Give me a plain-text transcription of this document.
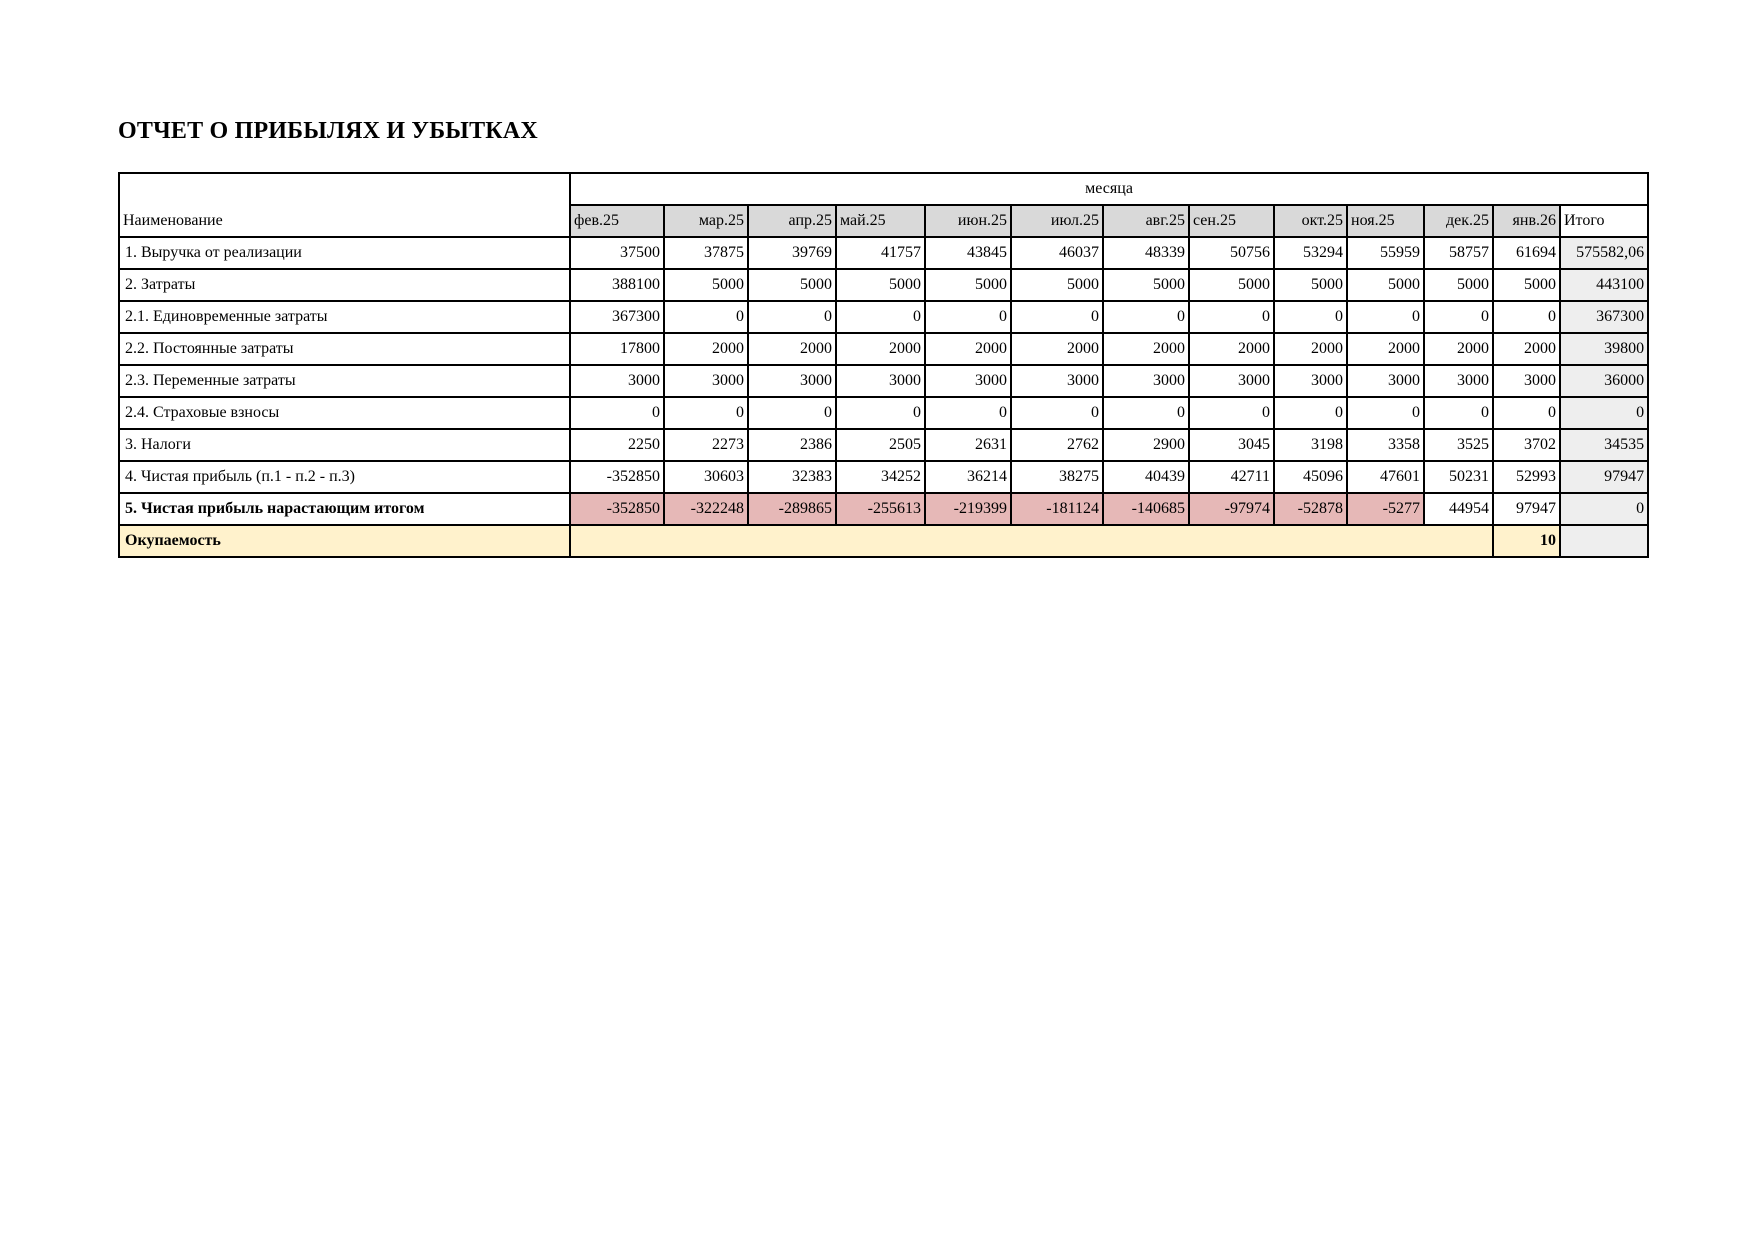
ОТЧЕТ О ПРИБЫЛЯХ И УБЫТКАХ
Наименование	месяца												
	фев.25	мар.25	апр.25	май.25	июн.25	июл.25	авг.25	сен.25	окт.25	ноя.25	дек.25	янв.26	Итого
1. Выручка от реализации	37500	37875	39769	41757	43845	46037	48339	50756	53294	55959	58757	61694	575582,06
2. Затраты	388100	5000	5000	5000	5000	5000	5000	5000	5000	5000	5000	5000	443100
2.1. Единовременные затраты	367300	0	0	0	0	0	0	0	0	0	0	0	367300
2.2. Постоянные затраты	17800	2000	2000	2000	2000	2000	2000	2000	2000	2000	2000	2000	39800
2.3. Переменные затраты	3000	3000	3000	3000	3000	3000	3000	3000	3000	3000	3000	3000	36000
2.4. Страховые взносы	0	0	0	0	0	0	0	0	0	0	0	0	0
3. Налоги	2250	2273	2386	2505	2631	2762	2900	3045	3198	3358	3525	3702	34535
4. Чистая прибыль (п.1 - п.2 - п.3)	-352850	30603	32383	34252	36214	38275	40439	42711	45096	47601	50231	52993	97947
5. Чистая прибыль нарастающим итогом	-352850	-322248	-289865	-255613	-219399	-181124	-140685	-97974	-52878	-5277	44954	97947	0
Окупаемость												10	
